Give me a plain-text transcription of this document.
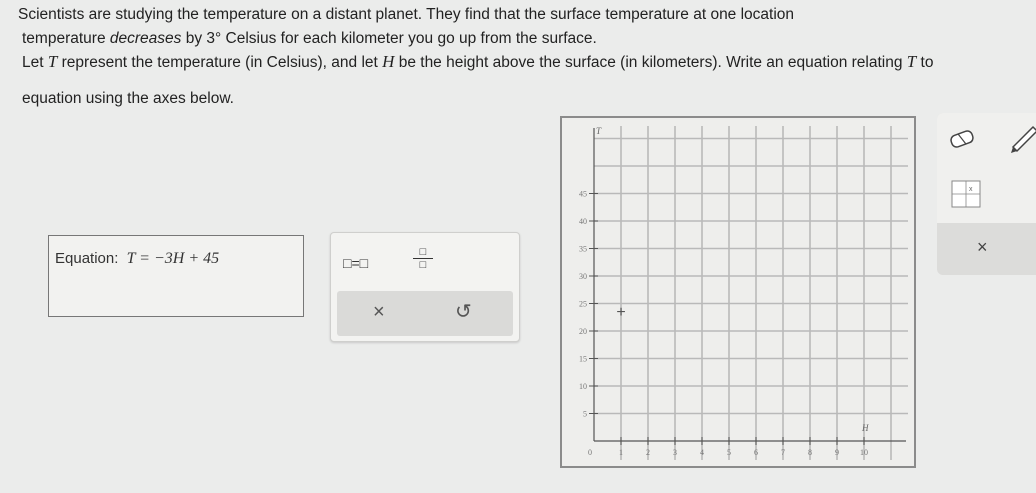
Scientists are studying the temperature on a distant planet. They find that the surface temperature at one location
temperature decreases by 3° Celsius for each kilometer you go up from the surface.
Let T represent the temperature (in Celsius), and let H be the height above the surface (in kilometers). Write an equation relating T to
equation using the axes below.
Equation: T = −3H + 45	□=□
□
□
×	↺
5
10
15
20
25
30
35
40
45
0	1	2	3	4	5	6	7	8	9	10
T
H
+
x
×
